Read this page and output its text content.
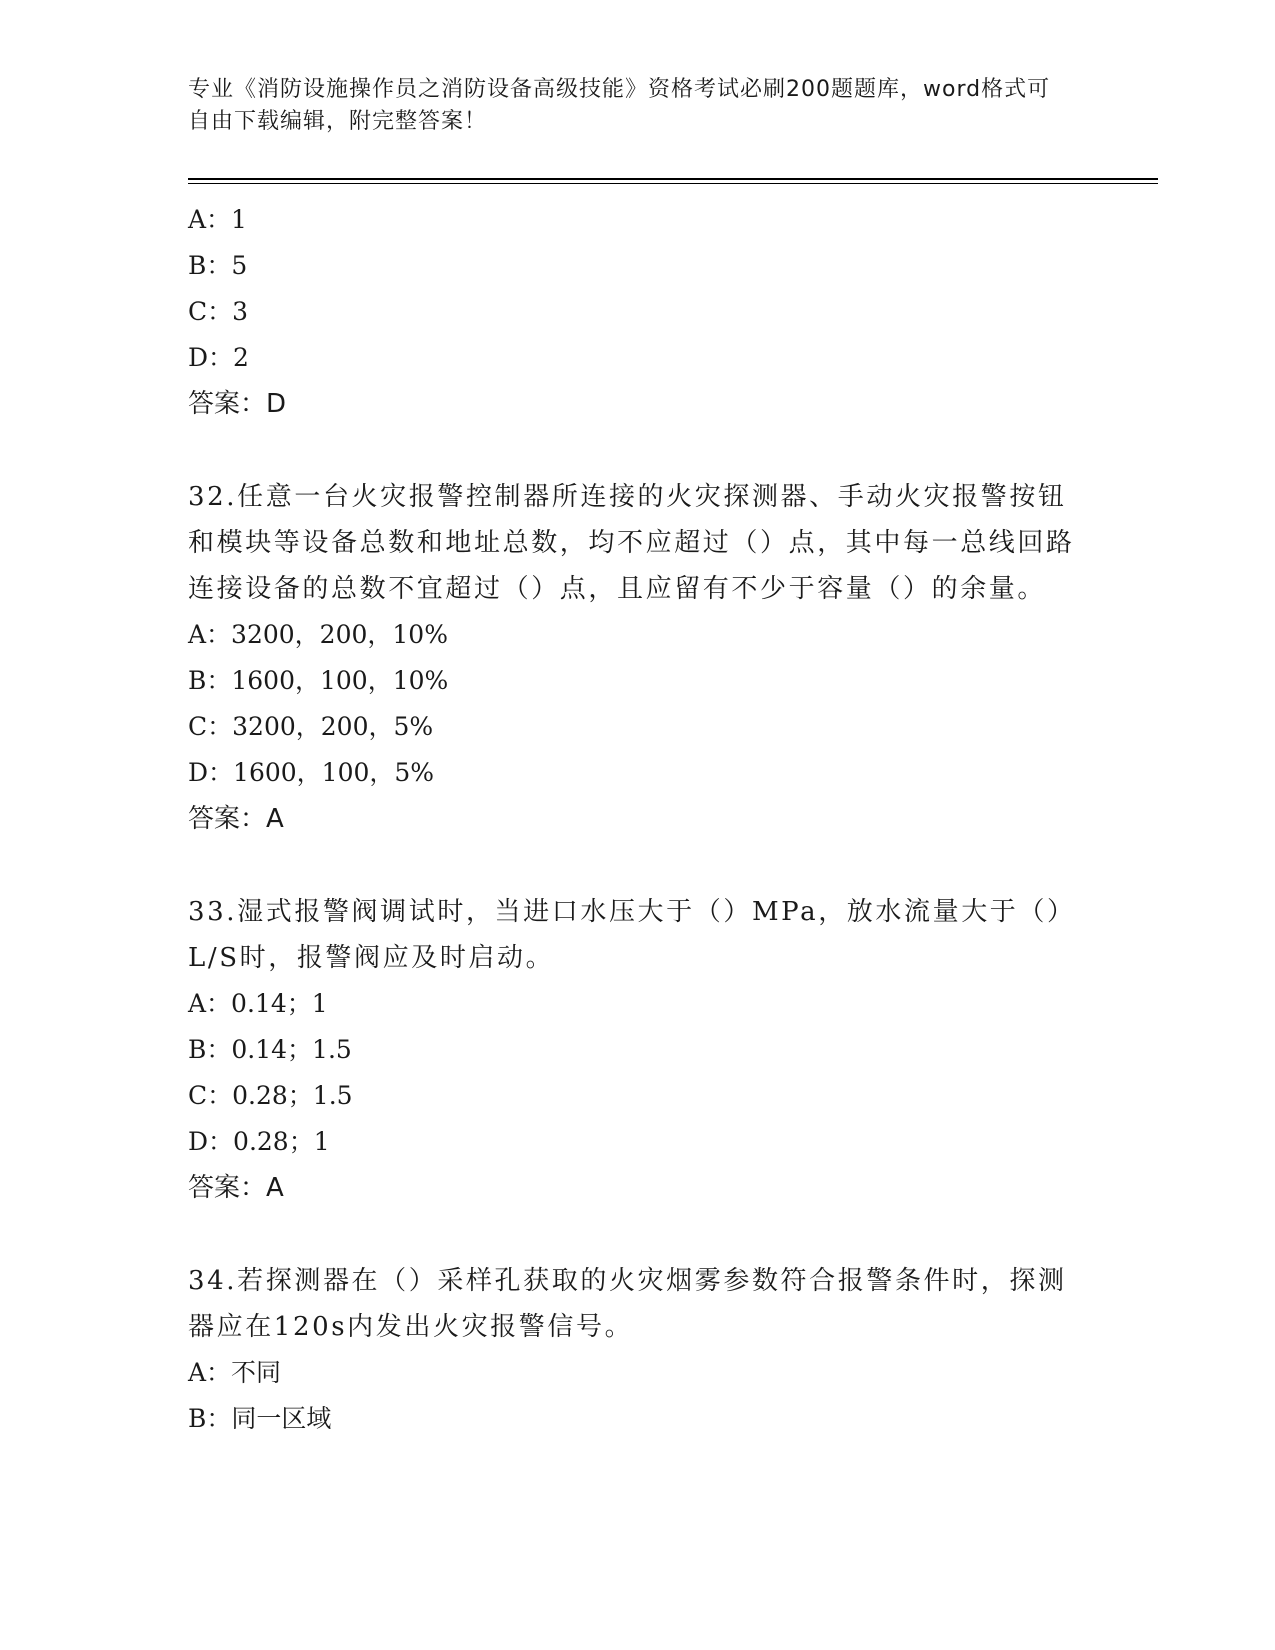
专业《消防设施操作员之消防设备高级技能》资格考试必刷200题题库，word格式可自由下载编辑，附完整答案！
A：1
B：5
C：3
D：2
答案：D
32.任意一台火灾报警控制器所连接的火灾探测器、手动火灾报警按钮和模块等设备总数和地址总数，均不应超过（）点，其中每一总线回路连接设备的总数不宜超过（）点，且应留有不少于容量（）的余量。
A：3200，200，10%
B：1600，100，10%
C：3200，200，5%
D：1600，100，5%
答案：A
33.湿式报警阀调试时，当进口水压大于（）MPa，放水流量大于（）L/S时，报警阀应及时启动。
A：0.14；1
B：0.14；1.5
C：0.28；1.5
D：0.28；1
答案：A
34.若探测器在（）采样孔获取的火灾烟雾参数符合报警条件时，探测器应在120s内发出火灾报警信号。
A：不同
B：同一区域
